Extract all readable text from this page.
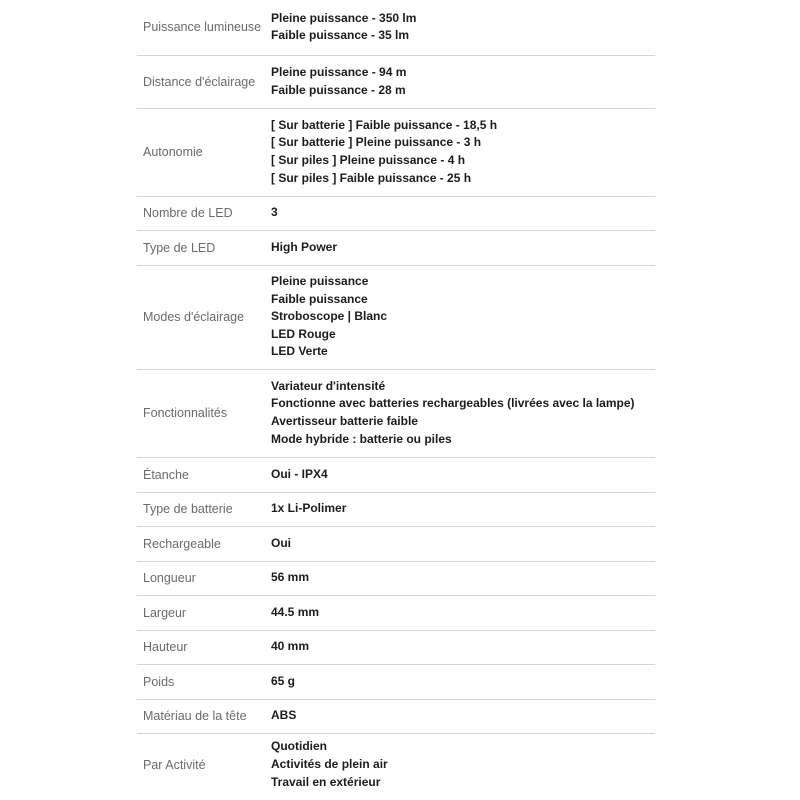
Puissance lumineuse	Pleine puissance - 350 lm
Faible puissance - 35 lm

Distance d'éclairage	Pleine puissance - 94 m
Faible puissance - 28 m

Autonomie	[ Sur batterie ] Faible puissance - 18,5 h
[ Sur batterie ] Pleine puissance - 3 h
[ Sur piles ] Pleine puissance - 4 h
[ Sur piles ] Faible puissance - 25 h

Nombre de LED	3

Type de LED	High Power

Modes d'éclairage	Pleine puissance
Faible puissance
Stroboscope | Blanc
LED Rouge
LED Verte

Fonctionnalités	Variateur d'intensité
Fonctionne avec batteries rechargeables (livrées avec la lampe)
Avertisseur batterie faible
Mode hybride : batterie ou piles

Étanche	Oui - IPX4

Type de batterie	1x Li-Polimer

Rechargeable	Oui

Longueur	56 mm

Largeur	44.5 mm

Hauteur	40 mm

Poids	65 g

Matériau de la tête	ABS

Par Activité	Quotidien
Activités de plein air
Travail en extérieur
